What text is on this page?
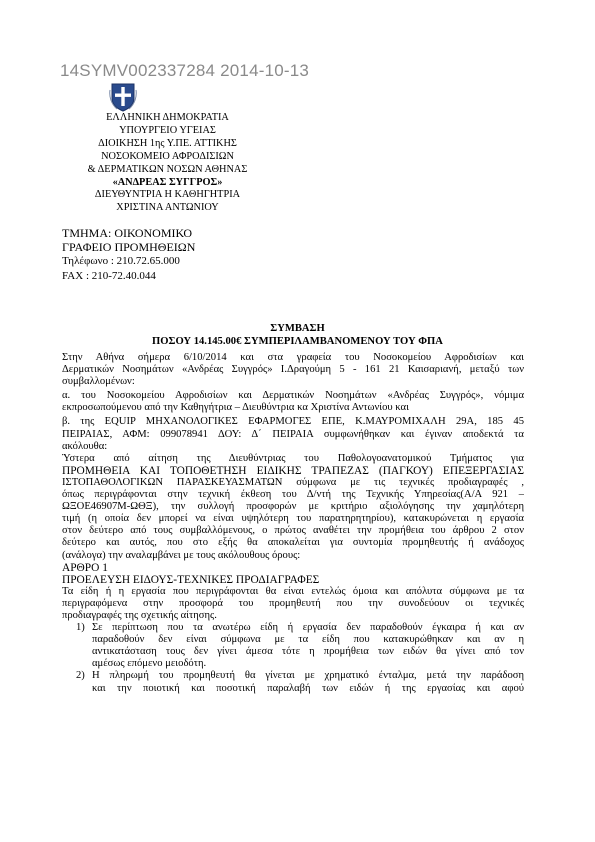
14SYMV002337284 2014-10-13
ΕΛΛΗΝΙΚΗ ΔΗΜΟΚΡΑΤΙΑ
ΥΠΟΥΡΓΕΙΟ ΥΓΕΙΑΣ
ΔΙΟΙΚΗΣΗ 1ης Υ.ΠΕ. ΑΤΤΙΚΗΣ
ΝΟΣΟΚΟΜΕΙΟ ΑΦΡΟΔΙΣΙΩΝ
& ΔΕΡΜΑΤΙΚΩΝ ΝΟΣΩΝ ΑΘΗΝΑΣ
«ΑΝΔΡΕΑΣ ΣΥΓΓΡΟΣ»
ΔΙΕΥΘΥΝΤΡΙΑ Η ΚΑΘΗΓΗΤΡΙΑ
ΧΡΙΣΤΙΝΑ ΑΝΤΩΝΙΟΥ
ΤΜΗΜΑ: ΟΙΚΟΝΟΜΙΚΟ
ΓΡΑΦΕΙΟ ΠΡΟΜΗΘΕΙΩΝ
Τηλέφωνο : 210.72.65.000
FAX : 210-72.40.044
ΣΥΜΒΑΣΗ
ΠΟΣΟΥ 14.145.00€ ΣΥΜΠΕΡΙΛΑΜΒΑΝΟΜΕΝΟΥ ΤΟΥ ΦΠΑ
Στην Αθήνα σήμερα 6/10/2014 και στα γραφεία του Νοσοκομείου Αφροδισίων και
Δερματικών Νοσημάτων «Ανδρέας Συγγρός» Ι.Δραγούμη 5 - 161 21 Καισαριανή, μεταξύ των
συμβαλλομένων:
α. του Νοσοκομείου Αφροδισίων και Δερματικών Νοσημάτων «Ανδρέας Συγγρός», νόμιμα
εκπροσωπούμενου από την Καθηγήτρια – Διευθύντρια κα Χριστίνα Αντωνίου και
β. της EQUIP ΜΗΧΑΝΟΛΟΓΙΚΕΣ ΕΦΑΡΜΟΓΕΣ ΕΠΕ, Κ.ΜΑΥΡΟΜΙΧΑΛΗ 29Α, 185 45
ΠΕΙΡΑΙΑΣ, ΑΦΜ: 099078941 ΔΟΥ: Δ΄ ΠΕΙΡΑΙΑ συμφωνήθηκαν και έγιναν αποδεκτά τα
ακόλουθα:
Ύστερα από αίτηση της Διευθύντριας του Παθολογοανατομικού Τμήματος για
ΠΡΟΜΗΘΕΙΑ ΚΑΙ ΤΟΠΟΘΕΤΗΣΗ ΕΙΔΙΚΗΣ ΤΡΑΠΕΖΑΣ (ΠΑΓΚΟΥ) ΕΠΕΞΕΡΓΑΣΙΑΣ
ΙΣΤΟΠΑΘΟΛΟΓΙΚΩΝ ΠΑΡΑΣΚΕΥΑΣΜΑΤΩΝ σύμφωνα με τις τεχνικές προδιαγραφές ,
όπως περιγράφονται στην τεχνική έκθεση του Δ/ντή της Τεχνικής Υπηρεσίας(Α/Α 921 –
ΩΞΟΕ46907Μ-ΩΘΞ), την συλλογή προσφορών με κριτήριο αξιολόγησης την χαμηλότερη
τιμή (η οποία δεν μπορεί να είναι υψηλότερη του παρατηρητηρίου), κατακυρώνεται η εργασία
στον δεύτερο από τους συμβαλλόμενους, ο πρώτος αναθέτει την προμήθεια του άρθρου 2 στον
δεύτερο και αυτός, που στο εξής θα αποκαλείται για συντομία προμηθευτής ή ανάδοχος
(ανάλογα) την αναλαμβάνει με τους ακόλουθους όρους:
ΑΡΘΡΟ 1
ΠΡΟΕΛΕΥΣΗ ΕΙΔΟΥΣ-ΤΕΧΝΙΚΕΣ ΠΡΟΔΙΑΓΡΑΦΕΣ
Τα είδη ή η εργασία που περιγράφονται θα είναι εντελώς όμοια και απόλυτα σύμφωνα με τα
περιγραφόμενα στην προσφορά του προμηθευτή που την συνοδεύουν οι τεχνικές
προδιαγραφές της σχετικής αίτησης.
1) Σε περίπτωση που τα ανωτέρω είδη ή εργασία δεν παραδοθούν έγκαιρα ή και αν
παραδοθούν δεν είναι σύμφωνα με τα είδη που κατακυρώθηκαν και αν η
αντικατάσταση τους δεν γίνει άμεσα τότε η προμήθεια των ειδών θα γίνει από τον
αμέσως επόμενο μειοδότη.
2) Η πληρωμή του προμηθευτή θα γίνεται με χρηματικό ένταλμα, μετά την παράδοση
και την ποιοτική και ποσοτική παραλαβή των ειδών ή της εργασίας και αφού
